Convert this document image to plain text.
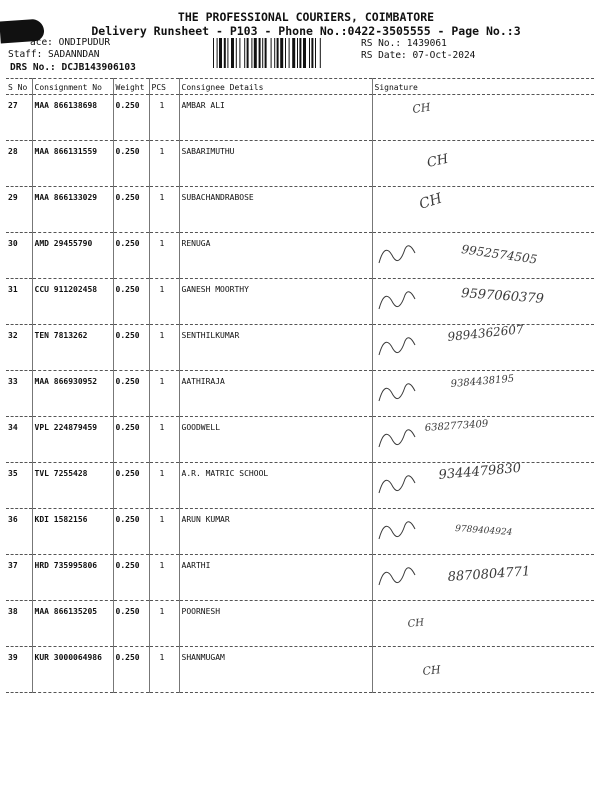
THE PROFESSIONAL COURIERS, COIMBATORE
Delivery Runsheet - P103 - Phone No.:0422-3505555 - Page No.:3
ace: ONDIPUDUR
Staff: SADANNDAN
DRS No.: DCJB143906103
RS No.: 1439061
RS Date: 07-Oct-2024
S No	Consignment No	Weight	PCS	Consignee Details	Signature
27	MAA 866138698	0.250	1	AMBAR ALI	CH

28	MAA 866131559	0.250	1	SABARIMUTHU	CH

29	MAA 866133029	0.250	1	SUBACHANDRABOSE	CH

30	AMD 29455790	0.250	1	RENUGA	9952574505

31	CCU 911202458	0.250	1	GANESH MOORTHY	9597060379

32	TEN 7813262	0.250	1	SENTHILKUMAR	9894362607

33	MAA 866930952	0.250	1	AATHIRAJA	9384438195

34	VPL 224879459	0.250	1	GOODWELL	6382773409

35	TVL 7255428	0.250	1	A.R. MATRIC SCHOOL	9344479830

36	KDI 1582156	0.250	1	ARUN KUMAR	9789404924

37	HRD 735995806	0.250	1	AARTHI	8870804771

38	MAA 866135205	0.250	1	POORNESH	CH

39	KUR 3000064986	0.250	1	SHANMUGAM	CH
